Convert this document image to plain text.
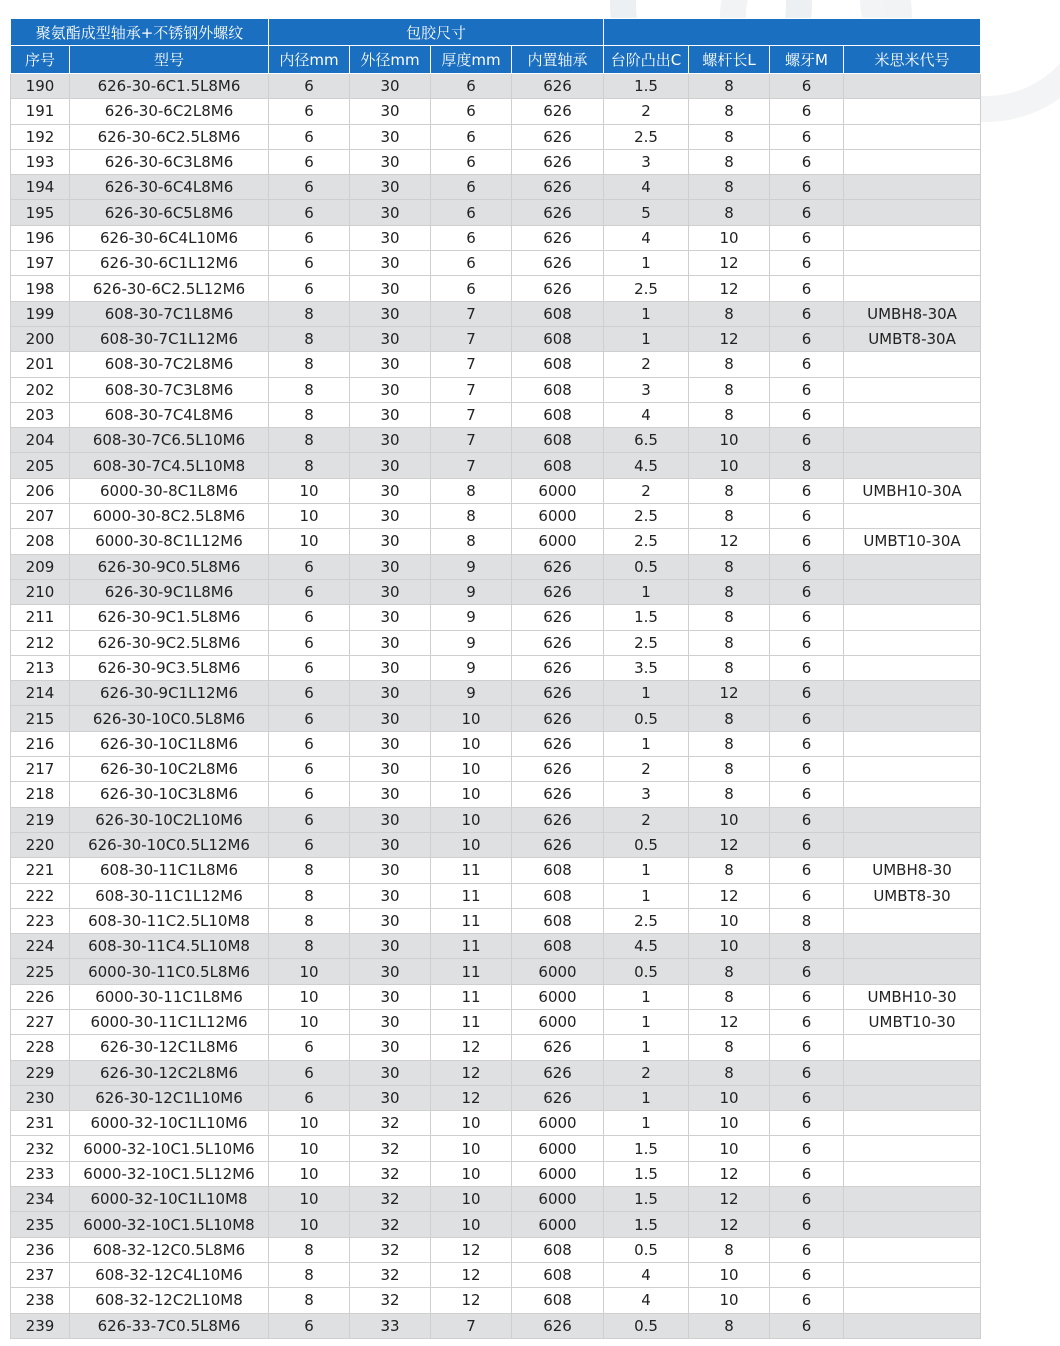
聚氨酯成型轴承+不锈钢外螺纹		包胶尺寸							
序号	型号	内径mm	外径mm	厚度mm	内置轴承	台阶凸出C	螺杆长L	螺牙M	米思米代号
190	626-30-6C1.5L8M6	6	30	6	626	1.5	8	6	
191	626-30-6C2L8M6	6	30	6	626	2	8	6	
192	626-30-6C2.5L8M6	6	30	6	626	2.5	8	6	
193	626-30-6C3L8M6	6	30	6	626	3	8	6	
194	626-30-6C4L8M6	6	30	6	626	4	8	6	
195	626-30-6C5L8M6	6	30	6	626	5	8	6	
196	626-30-6C4L10M6	6	30	6	626	4	10	6	
197	626-30-6C1L12M6	6	30	6	626	1	12	6	
198	626-30-6C2.5L12M6	6	30	6	626	2.5	12	6	
199	608-30-7C1L8M6	8	30	7	608	1	8	6	UMBH8-30A
200	608-30-7C1L12M6	8	30	7	608	1	12	6	UMBT8-30A
201	608-30-7C2L8M6	8	30	7	608	2	8	6	
202	608-30-7C3L8M6	8	30	7	608	3	8	6	
203	608-30-7C4L8M6	8	30	7	608	4	8	6	
204	608-30-7C6.5L10M6	8	30	7	608	6.5	10	6	
205	608-30-7C4.5L10M8	8	30	7	608	4.5	10	8	
206	6000-30-8C1L8M6	10	30	8	6000	2	8	6	UMBH10-30A
207	6000-30-8C2.5L8M6	10	30	8	6000	2.5	8	6	
208	6000-30-8C1L12M6	10	30	8	6000	2.5	12	6	UMBT10-30A
209	626-30-9C0.5L8M6	6	30	9	626	0.5	8	6	
210	626-30-9C1L8M6	6	30	9	626	1	8	6	
211	626-30-9C1.5L8M6	6	30	9	626	1.5	8	6	
212	626-30-9C2.5L8M6	6	30	9	626	2.5	8	6	
213	626-30-9C3.5L8M6	6	30	9	626	3.5	8	6	
214	626-30-9C1L12M6	6	30	9	626	1	12	6	
215	626-30-10C0.5L8M6	6	30	10	626	0.5	8	6	
216	626-30-10C1L8M6	6	30	10	626	1	8	6	
217	626-30-10C2L8M6	6	30	10	626	2	8	6	
218	626-30-10C3L8M6	6	30	10	626	3	8	6	
219	626-30-10C2L10M6	6	30	10	626	2	10	6	
220	626-30-10C0.5L12M6	6	30	10	626	0.5	12	6	
221	608-30-11C1L8M6	8	30	11	608	1	8	6	UMBH8-30
222	608-30-11C1L12M6	8	30	11	608	1	12	6	UMBT8-30
223	608-30-11C2.5L10M8	8	30	11	608	2.5	10	8	
224	608-30-11C4.5L10M8	8	30	11	608	4.5	10	8	
225	6000-30-11C0.5L8M6	10	30	11	6000	0.5	8	6	
226	6000-30-11C1L8M6	10	30	11	6000	1	8	6	UMBH10-30
227	6000-30-11C1L12M6	10	30	11	6000	1	12	6	UMBT10-30
228	626-30-12C1L8M6	6	30	12	626	1	8	6	
229	626-30-12C2L8M6	6	30	12	626	2	8	6	
230	626-30-12C1L10M6	6	30	12	626	1	10	6	
231	6000-32-10C1L10M6	10	32	10	6000	1	10	6	
232	6000-32-10C1.5L10M6	10	32	10	6000	1.5	10	6	
233	6000-32-10C1.5L12M6	10	32	10	6000	1.5	12	6	
234	6000-32-10C1L10M8	10	32	10	6000	1.5	12	6	
235	6000-32-10C1.5L10M8	10	32	10	6000	1.5	12	6	
236	608-32-12C0.5L8M6	8	32	12	608	0.5	8	6	
237	608-32-12C4L10M6	8	32	12	608	4	10	6	
238	608-32-12C2L10M8	8	32	12	608	4	10	6	
239	626-33-7C0.5L8M6	6	33	7	626	0.5	8	6	
